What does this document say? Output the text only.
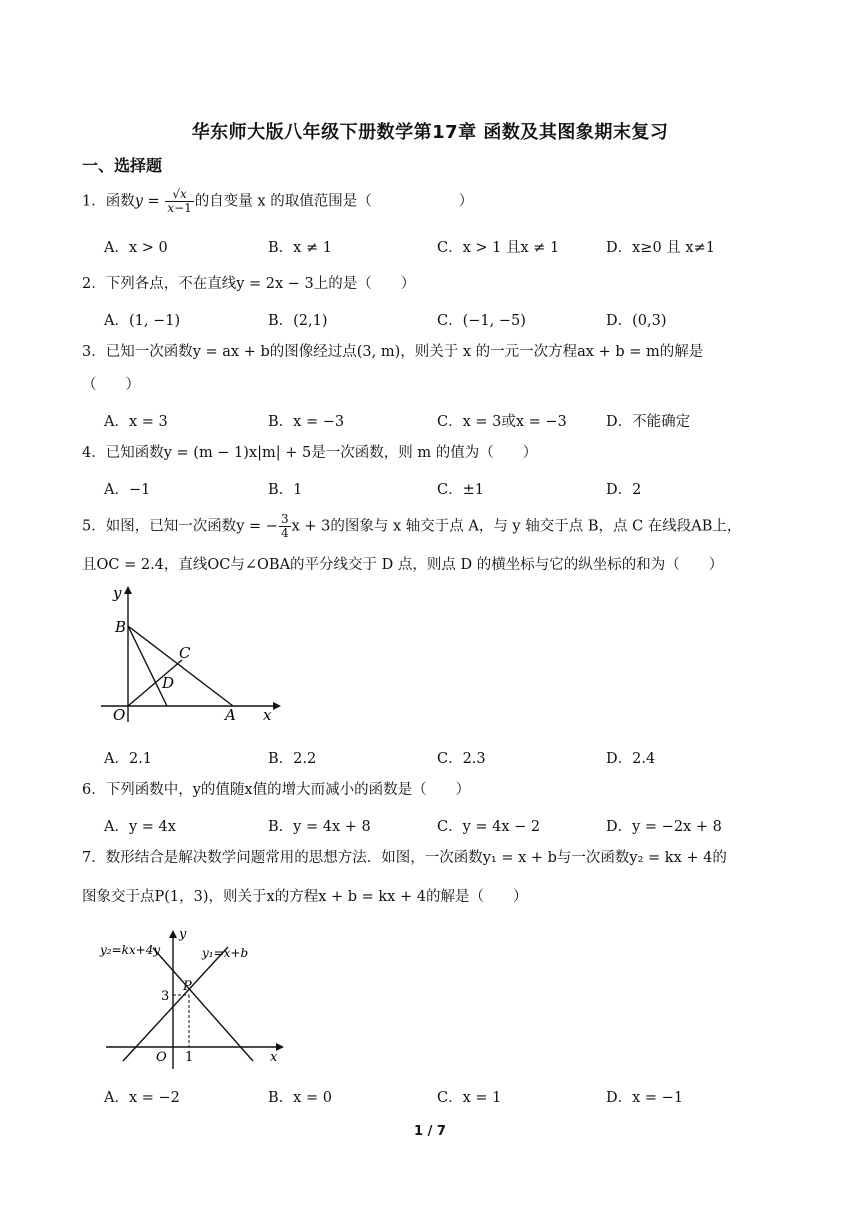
华东师大版八年级下册数学第17章 函数及其图象期末复习
一、选择题
1．函数$y = \frac{√x}{x-1}$ 的自变量 x 的取值范围是（　　　　　　）
A．x > 0	B．x ≠ 1	C．x > 1 且x ≠ 1	D．x≥0 且 x≠1
2．下列各点，不在直线y = 2x − 3上的是（　　）
A．(1, −1)	B．(2,1)	C．(−1, −5)	D．(0,3)
3．已知一次函数y = ax + b的图像经过点(3, m)，则关于 x 的一元一次方程ax + b = m的解是
（　　）
A．x = 3	B．x = −3	C．x = 3或x = −3	D．不能确定
4．已知函数y = (m − 1)x|m| + 5是一次函数，则 m 的值为（　　）
A．−1	B．1	C．±1	D．2
5．如图，已知一次函数y = − $\frac{3}{4}$ x + 3的图象与 x 轴交于点 A，与 y 轴交于点 B，点 C 在线段AB上，
且OC = 2.4，直线OC与∠OBA的平分线交于 D 点，则点 D 的横坐标与它的纵坐标的和为（　　）
y
B
C
D
O	A x
A．2.1	B．2.2	C．2.3	D．2.4
6．下列函数中，y的值随x值的增大而减小的函数是（　　）
A．y = 4x	B．y = 4x + 8	C．y = 4x − 2	D．y = −2x + 8
7．数形结合是解决数学问题常用的思想方法．如图，一次函数y₁ = x + b与一次函数y₂ = kx + 4的
图象交于点P(1，3)，则关于x的方程x + b = kx + 4的解是（　　）
y
y₂=kx+4y	y₁=x+b
P
3
O 1	x
A．x = −2	B．x = 0	C．x = 1	D．x = −1
1 / 7
